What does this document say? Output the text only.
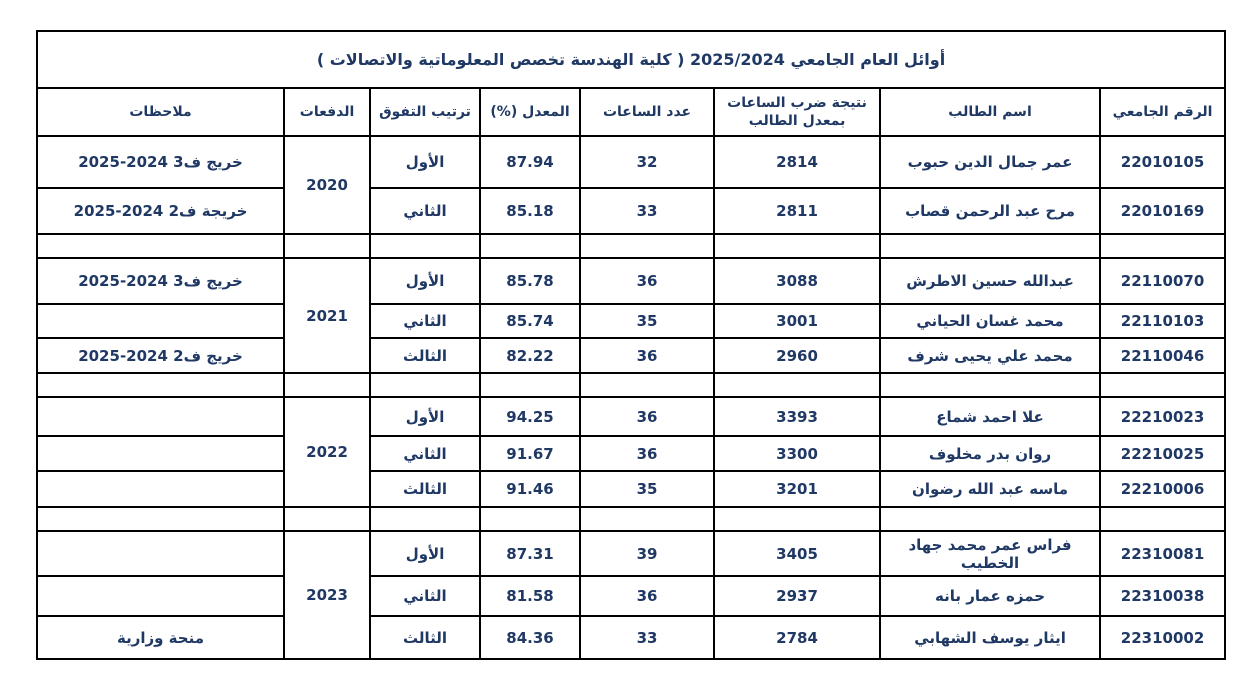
أوائل العام الجامعي 2025/2024 ( كلية الهندسة تخصص المعلوماتية والاتصالات )							
الرقم الجامعي	اسم الطالب	نتيجة ضرب الساعات بمعدل الطالب	عدد الساعات	المعدل (%)	ترتيب التفوق	الدفعات	ملاحظات
22010105	عمر جمال الدين حبوب	2814	32	87.94	الأول	2020	خريج ف3 2024-2025
22010169	مرح عبد الرحمن قصاب	2811	33	85.18	الثاني		خريجة ف2 2024-2025

22110070	عبدالله حسين الاطرش	3088	36	85.78	الأول	2021	خريج ف3 2024-2025
22110103	محمد غسان الحياني	3001	35	85.74	الثاني		
22110046	محمد علي يحيى شرف	2960	36	82.22	الثالث		خريج ف2 2024-2025

22210023	علا احمد شماع	3393	36	94.25	الأول	2022	
22210025	روان بدر مخلوف	3300	36	91.67	الثاني		
22210006	ماسه عبد الله رضوان	3201	35	91.46	الثالث		

22310081	فراس عمر محمد جهاد الخطيب	3405	39	87.31	الأول	2023	
22310038	حمزه عمار بانه	2937	36	81.58	الثاني		
22310002	ايثار يوسف الشهابي	2784	33	84.36	الثالث		منحة وزارية
